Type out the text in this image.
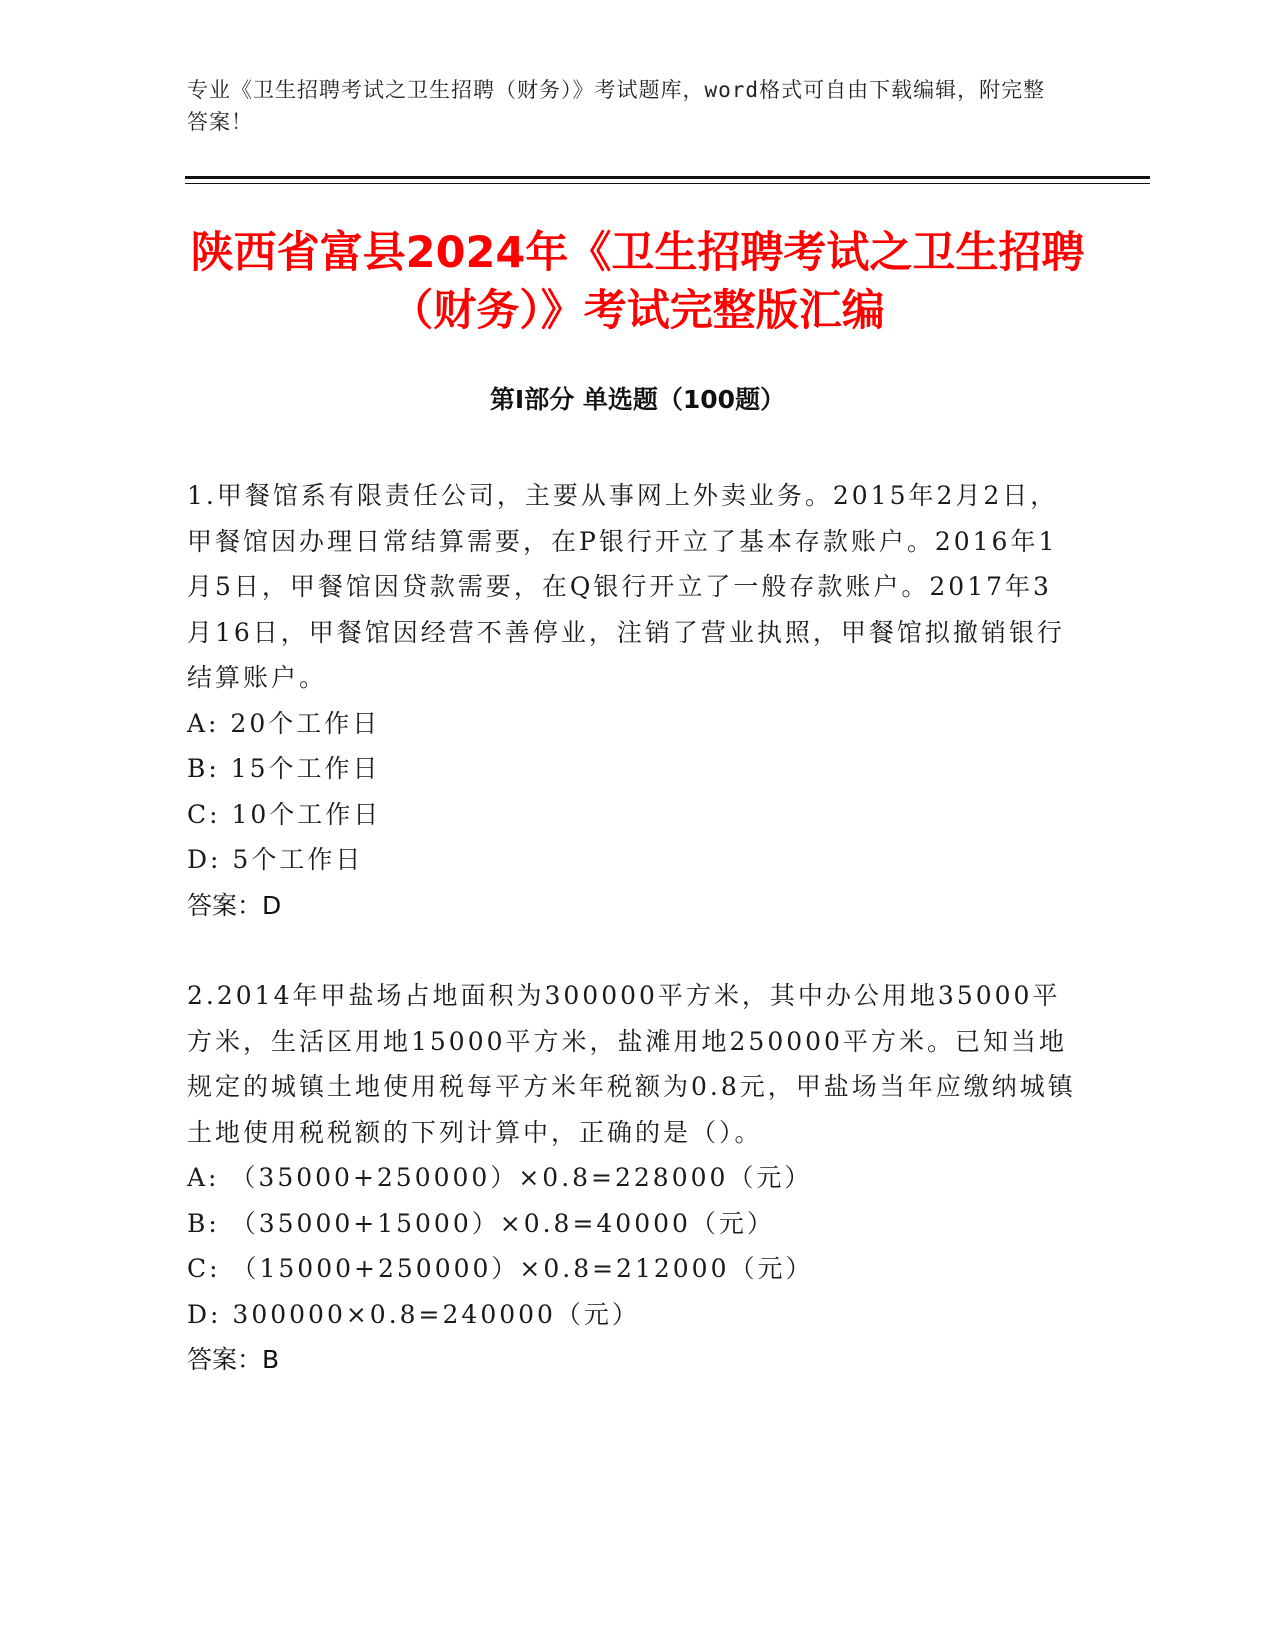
专业《卫生招聘考试之卫生招聘（财务）》考试题库，word格式可自由下载编辑，附完整答案！
陕西省富县2024年《卫生招聘考试之卫生招聘（财务）》考试完整版汇编
第I部分 单选题（100题）

1.甲餐馆系有限责任公司，主要从事网上外卖业务。2015年2月2日，甲餐馆因办理日常结算需要，在P银行开立了基本存款账户。2016年1月5日，甲餐馆因贷款需要，在Q银行开立了一般存款账户。2017年3月16日，甲餐馆因经营不善停业，注销了营业执照，甲餐馆拟撤销银行结算账户。

A: 20个工作日

B: 15个工作日

C: 10个工作日

D: 5个工作日

答案：D

2.2014年甲盐场占地面积为300000平方米，其中办公用地35000平方米，生活区用地15000平方米，盐滩用地250000平方米。已知当地规定的城镇土地使用税每平方米年税额为0.8元，甲盐场当年应缴纳城镇土地使用税税额的下列计算中，正确的是（）。

A: （35000+250000）×0.8=228000（元）

B: （35000+15000）×0.8=40000（元）

C: （15000+250000）×0.8=212000（元）

D: 300000×0.8=240000（元）

答案：B
